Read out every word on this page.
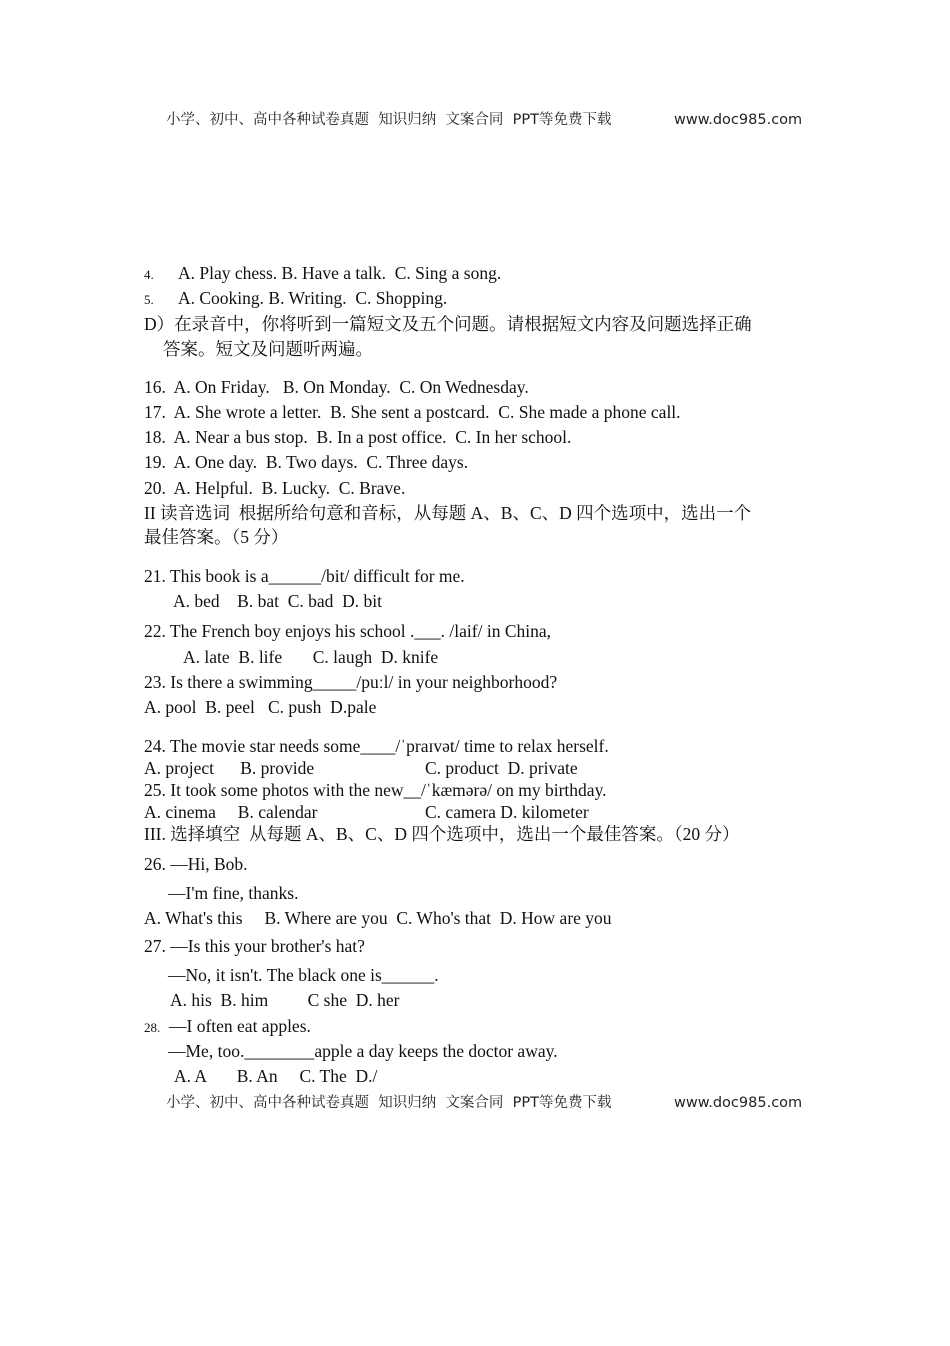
小学、初中、高中各种试卷真题  知识归纳  文案合同  PPT等免费下载	www.doc985.com
4. A. Play chess. B. Have a talk.  C. Sing a song.
5. A. Cooking. B. Writing.  C. Shopping.
D）在录音中，你将听到一篇短文及五个问题。请根据短文内容及问题选择正确
答案。短文及问题听两遍。
16.  A. On Friday.   B. On Monday.  C. On Wednesday.
17.  A. She wrote a letter.  B. She sent a postcard.  C. She made a phone call.
18.  A. Near a bus stop.  B. In a post office.  C. In her school.
19.  A. One day.  B. Two days.  C. Three days.
20.  A. Helpful.  B. Lucky.  C. Brave.
II 读音选词  根据所给句意和音标，从每题 A、B、C、D 四个选项中，选出一个
最佳答案。（5 分）
21. This book is a______/bit/ difficult for me.
A. bed    B. bat  C. bad  D. bit
22. The French boy enjoys his school .___. /laif/ in China,
A. late  B. life       C. laugh  D. knife
23. Is there a swimming_____/puːl/ in your neighborhood?
A. pool  B. peel   C. push  D.pale
24. The movie star needs some____/ˈpraɪvət/ time to relax herself.
A. project      B. provide	C. product  D. private
25. It took some photos with the new__/ˈkæmərə/ on my birthday.
A. cinema     B. calendar	C. camera D. kilometer
III. 选择填空  从每题 A、B、C、D 四个选项中，选出一个最佳答案。（20 分）
26. —Hi, Bob.
—I'm fine, thanks.
A. What's this     B. Where are you  C. Who's that  D. How are you
27. —Is this your brother's hat?
—No, it isn't. The black one is______.
A. his  B. him         C she  D. her
28. —I often eat apples.
—Me, too.________apple a day keeps the doctor away.
A. A       B. An     C. The  D./
小学、初中、高中各种试卷真题  知识归纳  文案合同  PPT等免费下载	www.doc985.com
